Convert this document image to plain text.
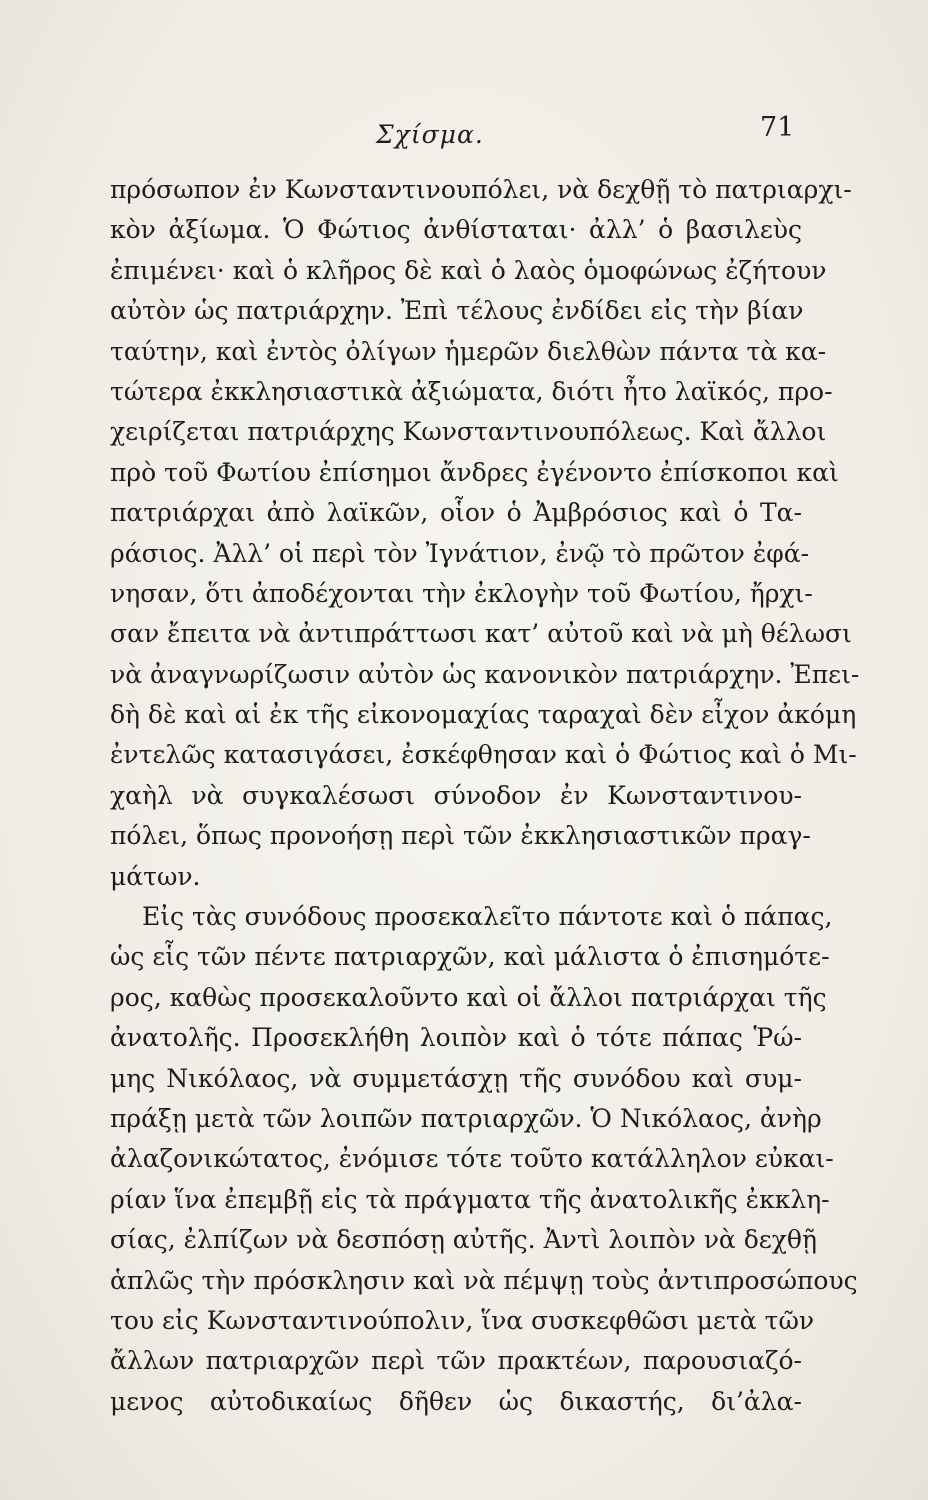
Σχίσμα.	71
πρόσωπον ἐν Κωνσταντινουπόλει, νὰ δεχθῇ τὸ πατριαρχι-
κὸν ἀξίωμα. Ὁ Φώτιος ἀνθίσταται· ἀλλ’ ὁ βασιλεὺς
ἐπιμένει· καὶ ὁ κλῆρος δὲ καὶ ὁ λαὸς ὁμοφώνως ἐζήτουν
αὐτὸν ὡς πατριάρχην. Ἐπὶ τέλους ἐνδίδει εἰς τὴν βίαν
ταύτην, καὶ ἐντὸς ὀλίγων ἡμερῶν διελθὼν πάντα τὰ κα-
τώτερα ἐκκλησιαστικὰ ἀξιώματα, διότι ἦτο λαϊκός, προ-
χειρίζεται πατριάρχης Κωνσταντινουπόλεως. Καὶ ἄλλοι
πρὸ τοῦ Φωτίου ἐπίσημοι ἄνδρες ἐγένοντο ἐπίσκοποι καὶ
πατριάρχαι ἀπὸ λαϊκῶν, οἷον ὁ Ἀμβρόσιος καὶ ὁ Τα-
ράσιος. Ἀλλ’ οἱ περὶ τὸν Ἰγνάτιον, ἐνῷ τὸ πρῶτον ἐφά-
νησαν, ὅτι ἀποδέχονται τὴν ἐκλογὴν τοῦ Φωτίου, ἤρχι-
σαν ἔπειτα νὰ ἀντιπράττωσι κατ’ αὐτοῦ καὶ νὰ μὴ θέλωσι
νὰ ἀναγνωρίζωσιν αὐτὸν ὡς κανονικὸν πατριάρχην. Ἐπει-
δὴ δὲ καὶ αἱ ἐκ τῆς εἰκονομαχίας ταραχαὶ δὲν εἶχον ἀκόμη
ἐντελῶς κατασιγάσει, ἐσκέφθησαν καὶ ὁ Φώτιος καὶ ὁ Μι-
χαὴλ νὰ συγκαλέσωσι σύνοδον ἐν Κωνσταντινου-
πόλει, ὅπως προνοήσῃ περὶ τῶν ἐκκλησιαστικῶν πραγ-
μάτων.
Εἰς τὰς συνόδους προσεκαλεῖτο πάντοτε καὶ ὁ πάπας,
ὡς εἷς τῶν πέντε πατριαρχῶν, καὶ μάλιστα ὁ ἐπισημότε-
ρος, καθὼς προσεκαλοῦντο καὶ οἱ ἄλλοι πατριάρχαι τῆς
ἀνατολῆς. Προσεκλήθη λοιπὸν καὶ ὁ τότε πάπας Ῥώ-
μης Νικόλαος, νὰ συμμετάσχῃ τῆς συνόδου καὶ συμ-
πράξῃ μετὰ τῶν λοιπῶν πατριαρχῶν. Ὁ Νικόλαος, ἀνὴρ
ἀλαζονικώτατος, ἐνόμισε τότε τοῦτο κατάλληλον εὐκαι-
ρίαν ἵνα ἐπεμβῇ εἰς τὰ πράγματα τῆς ἀνατολικῆς ἐκκλη-
σίας, ἐλπίζων νὰ δεσπόσῃ αὐτῆς. Ἀντὶ λοιπὸν νὰ δεχθῇ
ἁπλῶς τὴν πρόσκλησιν καὶ νὰ πέμψῃ τοὺς ἀντιπροσώπους
του εἰς Κωνσταντινούπολιν, ἵνα συσκεφθῶσι μετὰ τῶν
ἄλλων πατριαρχῶν περὶ τῶν πρακτέων, παρουσιαζό-
μενος αὐτοδικαίως δῆθεν ὡς δικαστής, δι’ἀλα-
